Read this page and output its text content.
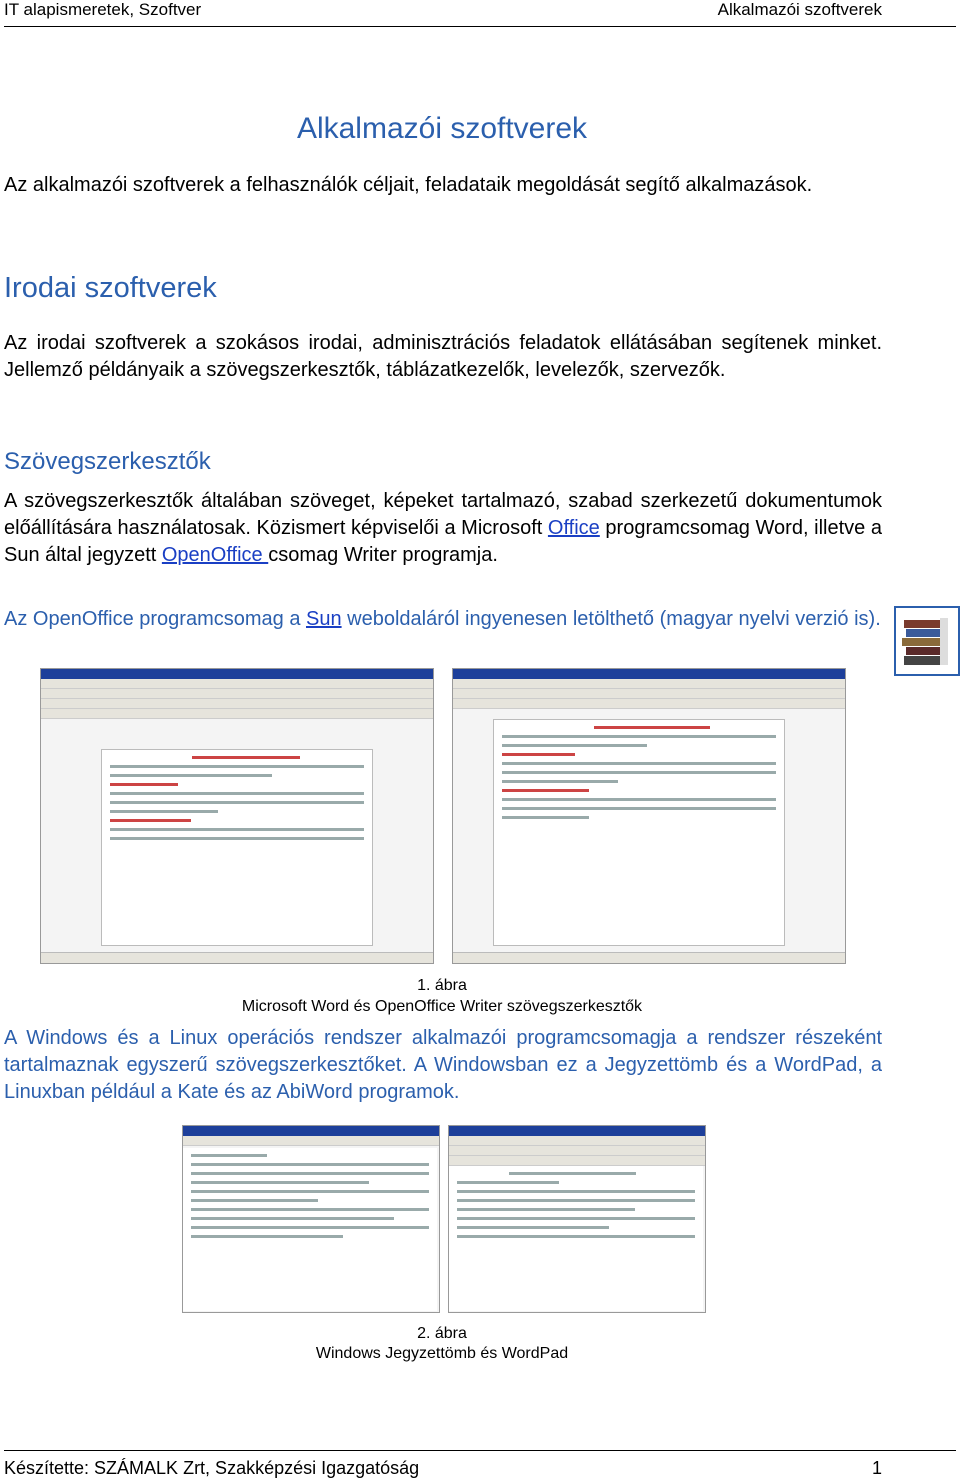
IT alapismeretek, Szoftver	Alkalmazói szoftverek
Alkalmazói szoftverek
Az alkalmazói szoftverek a felhasználók céljait, feladataik megoldását segítő alkalmazások.
Irodai szoftverek
Az irodai szoftverek a szokásos irodai, adminisztrációs feladatok ellátásában segítenek minket. Jellemző példányaik a szövegszerkesztők, táblázatkezelők, levelezők, szervezők.
Szövegszerkesztők
A szövegszerkesztők általában szöveget, képeket tartalmazó, szabad szerkezetű dokumentumok előállítására használatosak. Közismert képviselői a Microsoft Office programcsomag Word, illetve a Sun által jegyzett OpenOffice csomag Writer programja.
Az OpenOffice programcsomag a Sun weboldaláról ingyenesen letölthető (magyar nyelvi verzió is).
1. ábra
Microsoft Word és OpenOffice Writer szövegszerkesztők
A Windows és a Linux operációs rendszer alkalmazói programcsomagja a rendszer részeként tartalmaznak egyszerű szövegszerkesztőket. A Windowsban ez a Jegyzettömb és a WordPad, a Linuxban például a Kate és az AbiWord programok.
2. ábra
Windows Jegyzettömb és WordPad
Készítette: SZÁMALK Zrt, Szakképzési Igazgatóság	1
